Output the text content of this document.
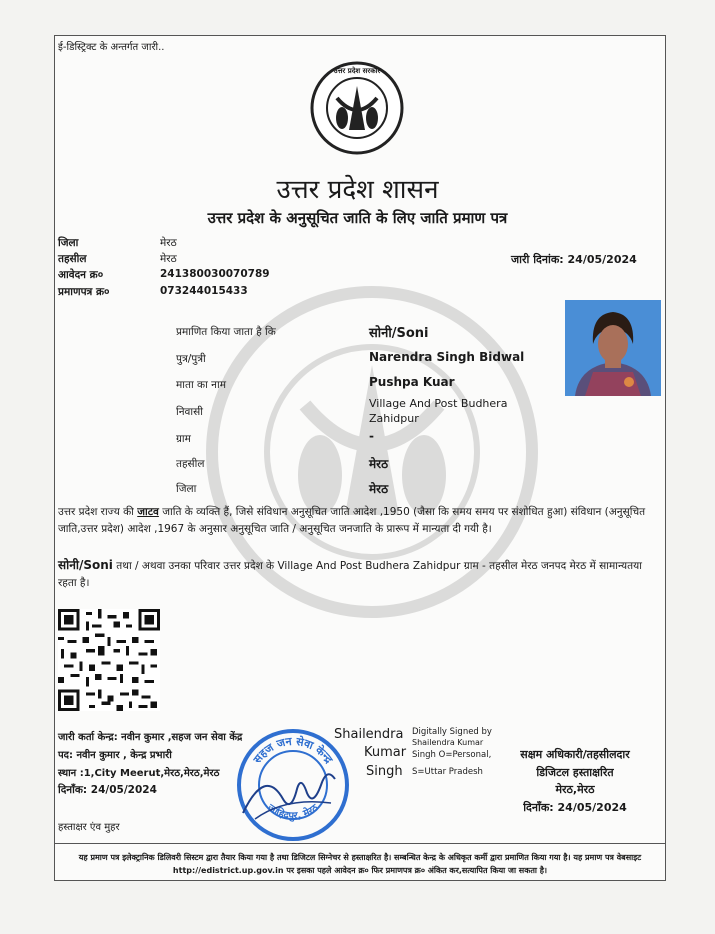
ई-डिस्ट्रिक्ट के अन्तर्गत जारी..
उत्तर प्रदेश सरकार
उत्तर प्रदेश शासन
उत्तर प्रदेश के अनुसूचित जाति के लिए जाति प्रमाण पत्र
जिला	मेरठ
तहसील	मेरठ
आवेदन क्र०	241380030070789
प्रमाणपत्र क्र०	073244015433
जारी दिनांक: 24/05/2024
प्रमाणित किया जाता है कि	सोनी/Soni
पुत्र/पुत्री	Narendra Singh Bidwal
माता का नाम	Pushpa Kuar
निवासी
Village And Post Budhera Zahidpur
ग्राम	-
तहसील	मेरठ
जिला	मेरठ
उत्तर प्रदेश राज्य की जाटव जाति के व्यक्ति हैं, जिसे संविधान अनुसूचित जाति आदेश ,1950 (जैसा कि समय समय पर संशोधित हुआ) संविधान (अनुसूचित जाति,उत्तर प्रदेश) आदेश ,1967 के अनुसार अनुसूचित जाति / अनुसूचित जनजाति के प्रारूप में मान्यता दी गयी है।
सोनी/Soni तथा / अथवा उनका परिवार उत्तर प्रदेश के Village And Post Budhera Zahidpur ग्राम - तहसील मेरठ जनपद मेरठ में सामान्यतया रहता है।
जारी कर्ता केन्द्र: नवीन कुमार ,सहज जन सेवा केंद्र
पद: नवीन कुमार , केन्द्र प्रभारी
स्थान :1,City Meerut,मेरठ,मेरठ,मेरठ
दिनाँक: 24/05/2024
हस्ताक्षर एंव मुहर
सहज जन सेवा केन्द्र
जाहिदपुर, मेरठ
Shailendra
Kumar
Singh
Digitally Signed by
Shailendra Kumar
Singh O=Personal,
S=Uttar Pradesh
सक्षम अधिकारी/तहसीलदार
डिजिटल हस्ताक्षरित
मेरठ,मेरठ
दिनाँक: 24/05/2024
यह प्रमाण पत्र इलेक्ट्रानिक डिलिवरी सिस्टम द्वारा तैयार किया गया है तथा डिजिटल सिग्नेचर से हस्ताक्षरित है। सम्बन्धित केन्द्र के अधिकृत कर्मी द्वारा प्रमाणित किया गया है। यह प्रमाण पत्र वेबसाइट http://edistrict.up.gov.in पर इसका पहले आवेदन क्र० फिर प्रमाणपत्र क्र० अंकित कर,सत्यापित किया जा सकता है।
